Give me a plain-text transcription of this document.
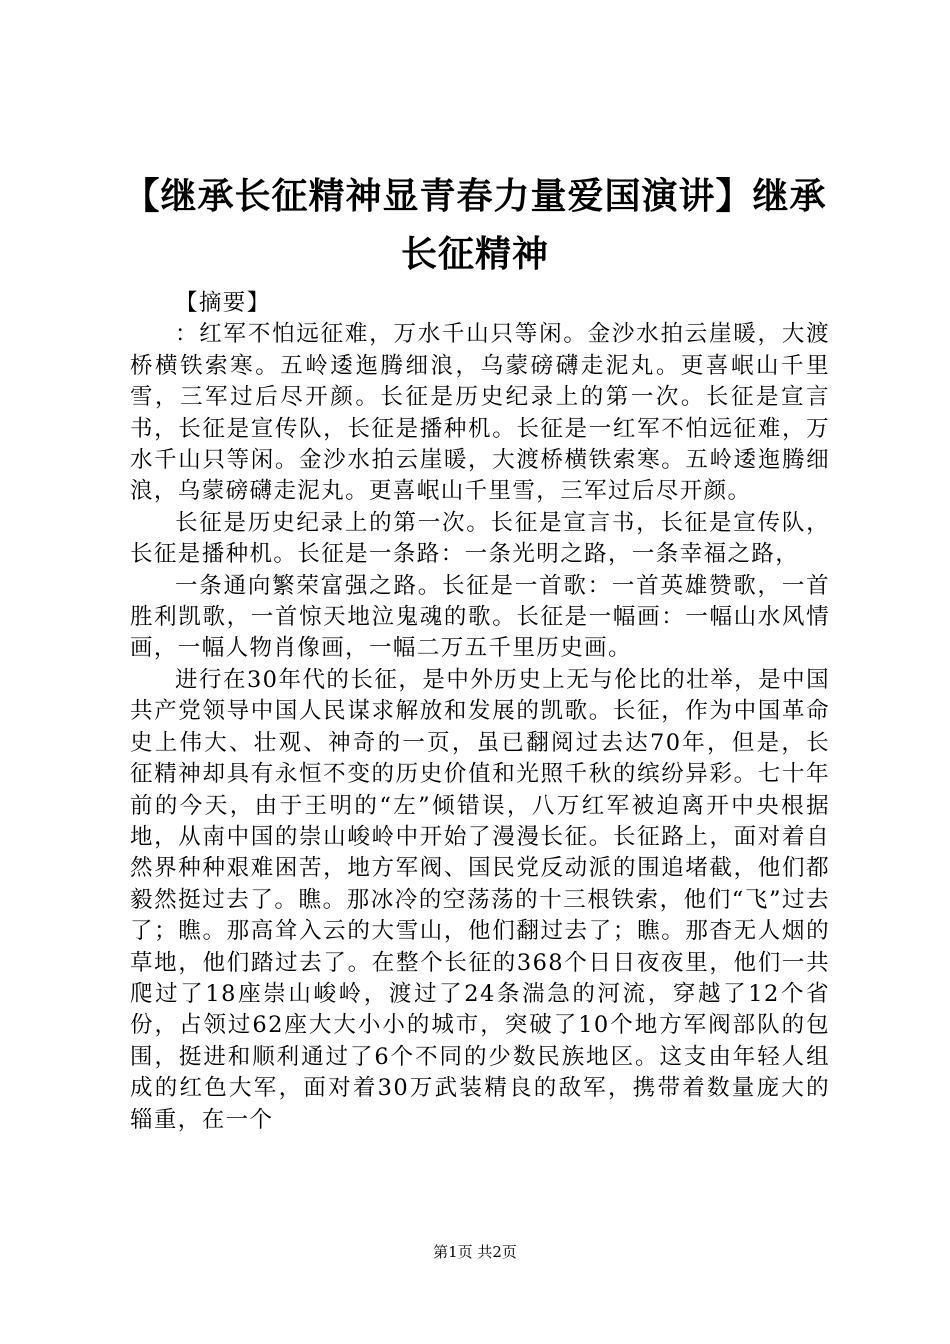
【继承长征精神显青春力量爱国演讲】继承长征精神

【摘要】

：红军不怕远征难，万水千山只等闲。金沙水拍云崖暖，大渡桥横铁索寒。五岭逶迤腾细浪，乌蒙磅礴走泥丸。更喜岷山千里雪，三军过后尽开颜。长征是历史纪录上的第一次。长征是宣言书，长征是宣传队，长征是播种机。长征是一红军不怕远征难，万水千山只等闲。金沙水拍云崖暖，大渡桥横铁索寒。五岭逶迤腾细浪，乌蒙磅礴走泥丸。更喜岷山千里雪，三军过后尽开颜。

长征是历史纪录上的第一次。长征是宣言书，长征是宣传队，长征是播种机。长征是一条路：一条光明之路，一条幸福之路，

一条通向繁荣富强之路。长征是一首歌：一首英雄赞歌，一首胜利凯歌，一首惊天地泣鬼魂的歌。长征是一幅画：一幅山水风情画，一幅人物肖像画，一幅二万五千里历史画。

进行在30年代的长征，是中外历史上无与伦比的壮举，是中国共产党领导中国人民谋求解放和发展的凯歌。长征，作为中国革命史上伟大、壮观、神奇的一页，虽已翻阅过去达70年，但是，长征精神却具有永恒不变的历史价值和光照千秋的缤纷异彩。七十年前的今天，由于王明的“左”倾错误，八万红军被迫离开中央根据地，从南中国的崇山峻岭中开始了漫漫长征。长征路上，面对着自然界种种艰难困苦，地方军阀、国民党反动派的围追堵截，他们都毅然挺过去了。瞧。那冰冷的空荡荡的十三根铁索，他们“飞”过去了；瞧。那高耸入云的大雪山，他们翻过去了；瞧。那杳无人烟的草地，他们踏过去了。在整个长征的368个日日夜夜里，他们一共爬过了18座崇山峻岭，渡过了24条湍急的河流，穿越了12个省份，占领过62座大大小小的城市，突破了10个地方军阀部队的包围，挺进和顺利通过了6个不同的少数民族地区。这支由年轻人组成的红色大军，面对着30万武装精良的敌军，携带着数量庞大的辎重，在一个

第1页 共2页
